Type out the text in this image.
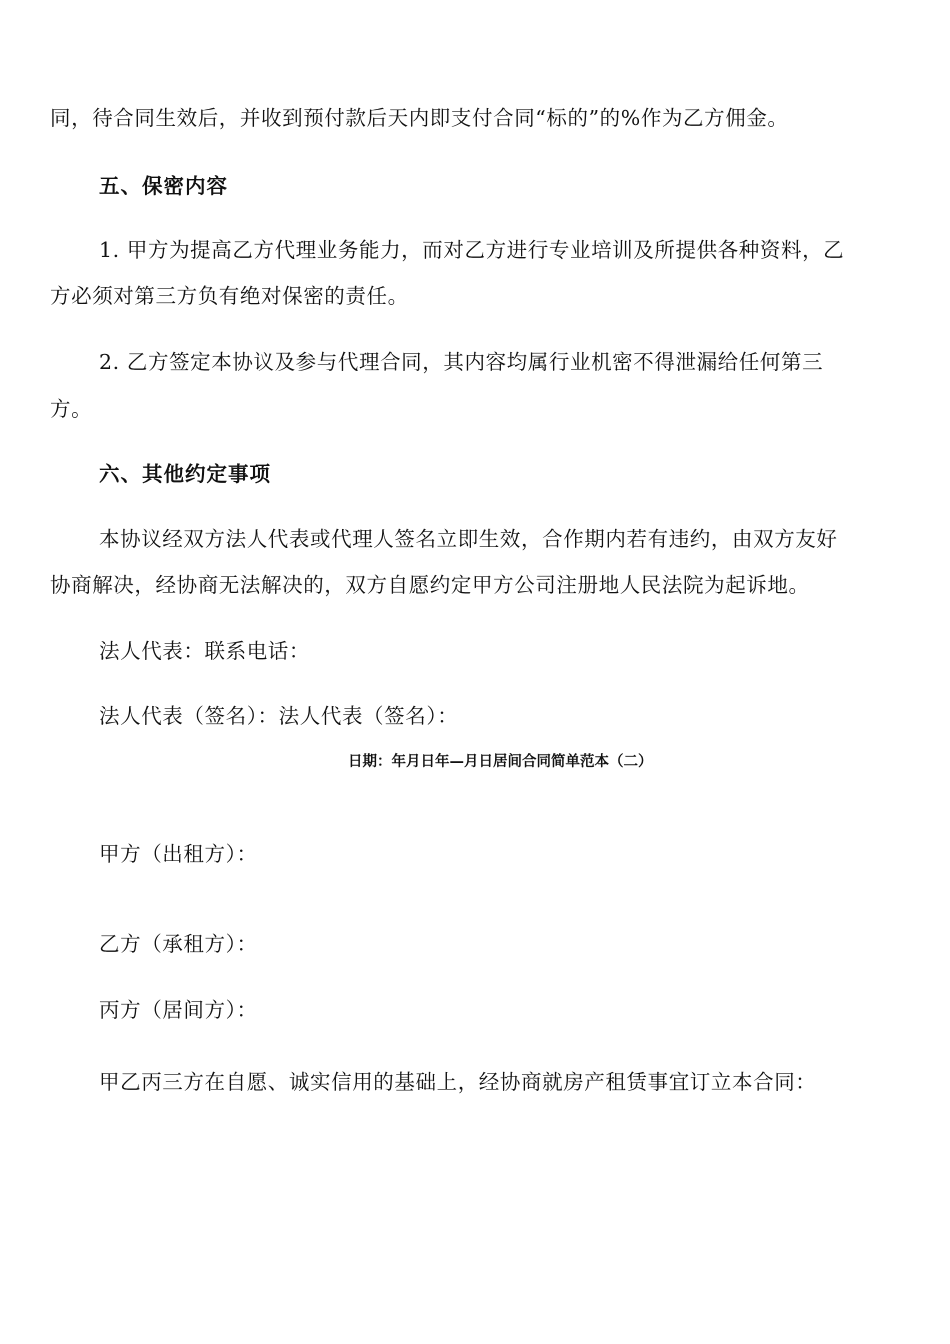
同，待合同生效后，并收到预付款后天内即支付合同“标的”的%作为乙方佣金。
五、保密内容
1. 甲方为提高乙方代理业务能力，而对乙方进行专业培训及所提供各种资料，乙
方必须对第三方负有绝对保密的责任。
2. 乙方签定本协议及参与代理合同，其内容均属行业机密不得泄漏给任何第三
方。
六、其他约定事项
本协议经双方法人代表或代理人签名立即生效，合作期内若有违约，由双方友好
协商解决，经协商无法解决的，双方自愿约定甲方公司注册地人民法院为起诉地。
法人代表：联系电话：
法人代表（签名）：法人代表（签名）：
日期：年月日年—月日居间合同简单范本（二）
甲方（出租方）：
乙方（承租方）：
丙方（居间方）：
甲乙丙三方在自愿、诚实信用的基础上，经协商就房产租赁事宜订立本合同：
